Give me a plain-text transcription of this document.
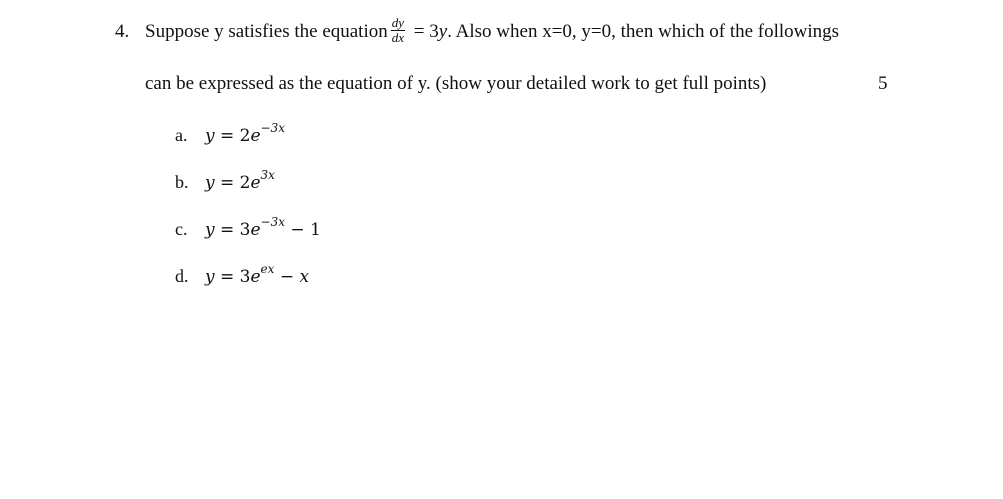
4. Suppose y satisfies the equation $\frac{dy}{dx} = 3y$. Also when x=0, y=0, then which of the followings
can be expressed as the equation of y. (show your detailed work to get full points)	5
a. $y = 2e^{-3x}$
b. $y = 2e^{3x}$
c. $y = 3e^{-3x} - 1$
d. $y = 3e^{ex} - x$
